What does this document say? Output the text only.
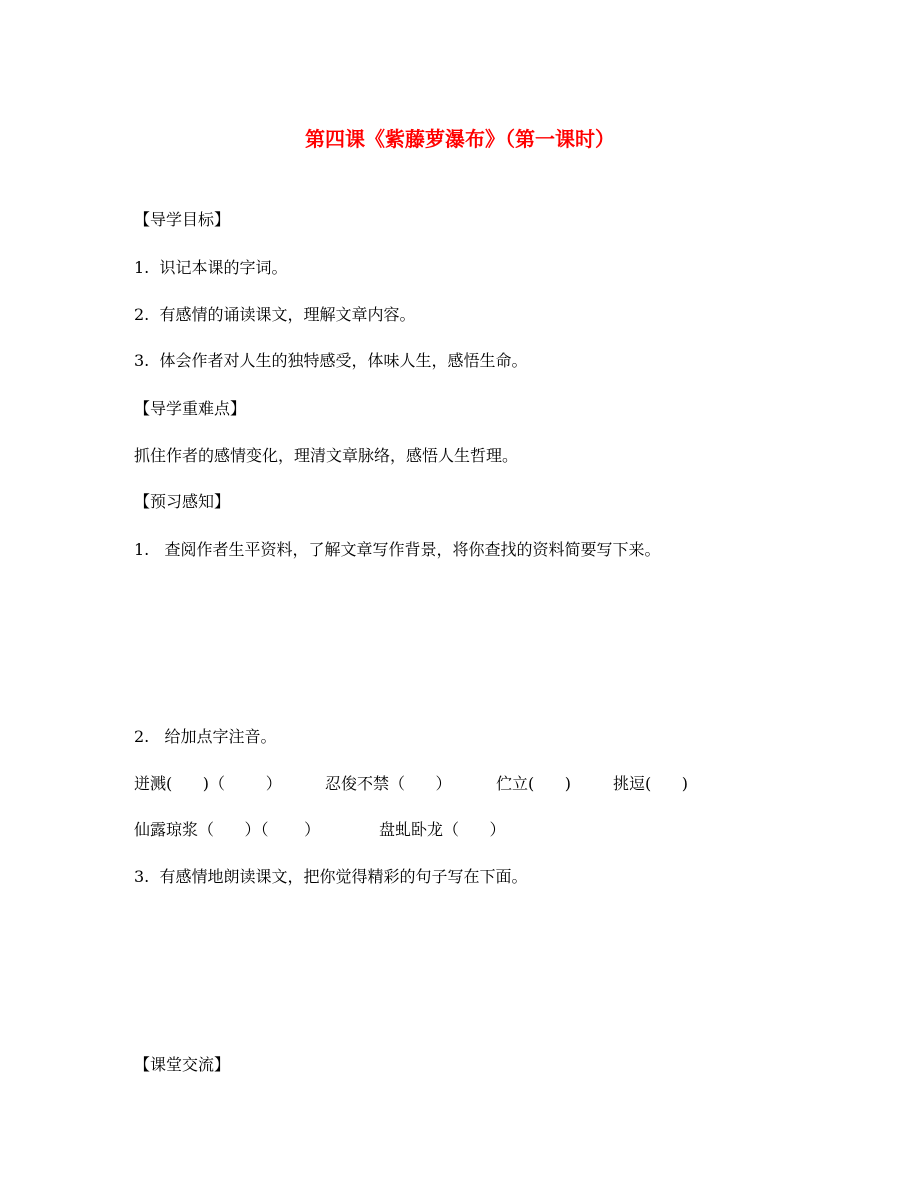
第四课《紫藤萝瀑布》（第一课时）
【导学目标】
1.  识记本课的字词。
2.  有感情的诵读课文，理解文章内容。
3.  体会作者对人生的独特感受，体味人生，感悟生命。
【导学重难点】
抓住作者的感情变化，理清文章脉络，感悟人生哲理。
【预习感知】
1.   查阅作者生平资料，了解文章写作背景，将你查找的资料简要写下来。
2.   给加点字注音。

迸溅(      )（        ）

	忍俊不禁（      ）

	伫立(      )

	挑逗(      )

仙露琼浆（      ）（       ）

	盘虬卧龙（      ）

3.  有感情地朗读课文，把你觉得精彩的句子写在下面。
【课堂交流】
